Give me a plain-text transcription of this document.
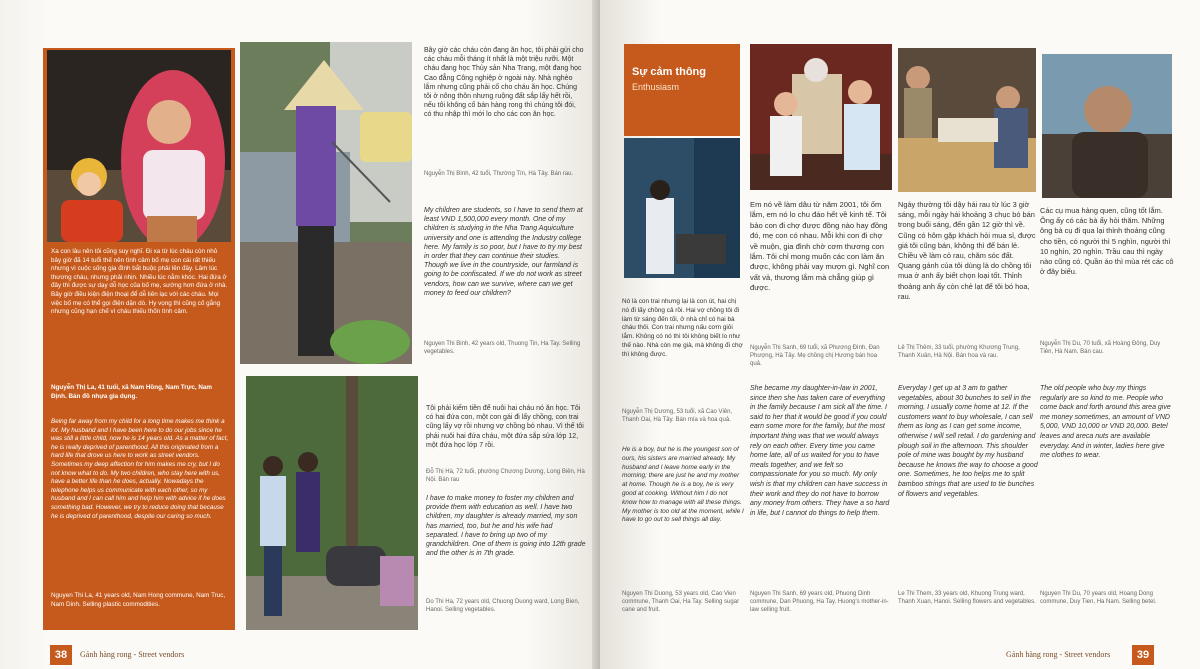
Xa con lâu nên tôi cũng suy nghĩ. Đi xa từ lúc cháu còn nhỏ bây giờ đã 14 tuổi thế nên tình cảm bố mẹ con cái rất thiếu nhưng vì cuộc sống gia đình bắt buộc phải lên đây. Lâm lúc thương cháu, nhưng phải nhịn. Nhiều lúc nằm khóc. Hai đứa ở đây thì được sự dạy dỗ học của bố mẹ, sướng hơn đứa ở nhà. Bây giờ điều kiện điện thoại để dễ liên lạc với các cháu. Mọi việc bố mẹ có thể gọi điện dặn dò. Hy vọng thì cũng cố gắng nhưng cũng hạn chế vì cháu thiếu thốn tình cảm.
Nguyễn Thị La, 41 tuổi, xã Nam Hồng, Nam Trực, Nam Định. Bán đồ nhựa gia dụng.
Being far away from my child for a long time makes me think a lot. My husband and I have been here to do our jobs since he was still a little child, now he is 14 years old. As a matter of fact, he is really deprived of parenthood. All this originated from a hard life that drove us here to work as street vendors. Sometimes my deep affection for him makes me cry, but I do not know what to do. My two children, who stay here with us, have a better life than he does, actually. Nowadays the telephone helps us communicate with each other, so my husband and I can call him and help him with advice if he does something bad. However, we try to reduce doing that because he is deprived of parenthood, despite our caring so much.
Nguyen Thi La, 41 years old, Nam Hong commune, Nam Truc, Nam Dinh. Selling plastic commodities.
Bây giờ các cháu còn đang ăn học, tôi phải gửi cho các cháu mỗi tháng ít nhất là một triệu rưỡi. Một cháu đang học Thủy sản Nha Trang, một đang học Cao đẳng Công nghiệp ở ngoài này. Nhà nghèo lắm nhưng cũng phải cố cho cháu ăn học. Chúng tôi ở nông thôn nhưng ruộng đất sắp lấy hết rồi, nếu tôi không cố bán hàng rong thì chúng tôi đói, có thu nhập thì mới lo cho các con ăn học.
Nguyễn Thị Bình, 42 tuổi, Thường Tín, Hà Tây. Bán rau.
My children are students, so I have to send them at least VND 1,500,000 every month. One of my children is studying in the Nha Trang Aquiculture university and one is attending the Industry college here. My family is so poor, but I have to try my best in order that they can continue their studies. Though we live in the countryside, our farmland is going to be confiscated. If we do not work as street vendors, how can we survive, where can we get money to feed our children?
Nguyen Thi Binh, 42 years old, Thuong Tin, Ha Tay. Selling vegetables.
Tôi phải kiếm tiền để nuôi hai cháu nó ăn học. Tôi có hai đứa con, một con gái đi lấy chồng, con trai cũng lấy vợ rồi nhưng vợ chồng bỏ nhau. Vì thế tôi phải nuôi hai đứa cháu, một đứa sắp sửa lớp 12, một đứa học lớp 7 rồi.
Đỗ Thị Hà, 72 tuổi, phường Chương Dương, Long Biên, Hà Nội. Bán rau
I have to make money to foster my children and provide them with education as well. I have two children, my daughter is already married, my son has married, too, but he and his wife had separated. I have to bring up two of my grandchildren. One of them is going into 12th grade and the other is in 7th grade.
Do Thi Ha, 72 years old, Chuong Duong ward, Long Bien, Hanoi. Selling vegetables.
38	Gánh hàng rong - Street vendors
Sự cảm thông
Enthusiasm
Nó là con trai nhưng lại là con út, hai chị nó đi lấy chồng cả rồi. Hai vợ chồng tôi đi làm từ sáng đến tối, ở nhà chỉ có hai bà cháu thôi. Con trai nhưng nấu cơm giỏi lắm. Không có nó thì tôi không biết lo như thế nào. Nhà còn mẹ già, mà không đi chợ thì không được.
Nguyễn Thị Dương, 53 tuổi, xã Cao Viên, Thanh Oai, Hà Tây. Bán mía và hoa quả.
He is a boy, but he is the youngest son of ours, his sisters are married already. My husband and I leave home early in the morning; there are just he and my mother at home. Though he is a boy, he is very good at cooking. Without him I do not know how to manage with all these things. My mother is too old at the moment, while I have to go out to sell things all day.
Nguyen Thi Duong, 53 years old, Cao Vien commune, Thanh Oai, Ha Tay. Selling sugar cane and fruit.
Em nó về làm dâu từ năm 2001, tôi ốm lắm, em nó lo chu đáo hết về kinh tế. Tôi bảo con đi chợ được đồng nào hay đồng đó, mẹ con có nhau. Mỗi khi con đi chợ về muộn, gia đình chờ cơm thương con lắm. Tôi chỉ mong muốn các con làm ăn được, không phải vay mượn gì. Nghĩ con vất vả, thương lắm mà chẳng giúp gì được.
Nguyễn Thị Sanh, 69 tuổi, xã Phương Đình, Đan Phượng, Hà Tây. Mẹ chồng chị Hương bán hoa quả.
She became my daughter-in-law in 2001, since then she has taken care of everything in the family because I am sick all the time. I said to her that it would be good if you could earn some more for the family, but the most important thing was that we would always rely on each other. Every time you came home late, all of us waited for you to have meals together, and we felt so compassionate for you so much. My only wish is that my children can have success in their work and they do not have to borrow any money from others. They have a so hard in life, but I cannot do things to help them.
Nguyen Thi Sanh, 69 years old, Phuong Dinh commune, Dan Phuong, Ha Tay. Huong's mother-in-law selling fruit.
Ngày thường tôi dậy hái rau từ lúc 3 giờ sáng, mỗi ngày hái khoảng 3 chục bó bán trong buổi sáng, đến gần 12 giờ thì về. Cũng có hôm gặp khách hỏi mua sỉ, được giá tôi cũng bán, không thì để bán lẻ. Chiều về làm cỏ rau, chăm sóc đất. Quang gánh của tôi dùng là do chồng tôi mua ở anh ấy biết chọn loại tốt. Thỉnh thoảng anh ấy còn chẻ lạt để tôi bó hoa, rau.
Lê Thị Thêm, 33 tuổi, phường Khương Trung, Thanh Xuân, Hà Nội. Bán hoa và rau.
Everyday I get up at 3 am to gather vegetables, about 30 bunches to sell in the morning. I usually come home at 12. If the customers want to buy wholesale, I can sell them as long as I can get some income, otherwise I will sell retail. I do gardening and plough soil in the afternoon. This shoulder pole of mine was bought by my husband because he knows the way to choose a good one. Sometimes, he too helps me to split bamboo strings that are used to tie bunches of flowers and vegetables.
Le Thi Them, 33 years old, Khuong Trung ward, Thanh Xuan, Hanoi. Selling flowers and vegetables.
Các cụ mua hàng quen, cũng tốt lắm. Ông ấy có các bà ấy hỏi thăm. Những ông bà cụ đi qua lại thỉnh thoảng cũng cho tiền, có người thì 5 nghìn, người thì 10 nghìn, 20 nghìn. Trầu cau thì ngày nào cũng có. Quần áo thì mùa rét các cô ở đây biếu.
Nguyễn Thị Du, 70 tuổi, xã Hoàng Đông, Duy Tiên, Hà Nam. Bán cau.
The old people who buy my things regularly are so kind to me. People who come back and forth around this area give me money sometimes, an amount of VND 5,000, VND 10,000 or VND 20,000. Betel leaves and areca nuts are available everyday. And in winter, ladies here give me clothes to wear.
Nguyen Thi Du, 70 years old, Hoang Dong commune, Duy Tien, Ha Nam. Selling betel.
Gánh hàng rong - Street vendors	39
